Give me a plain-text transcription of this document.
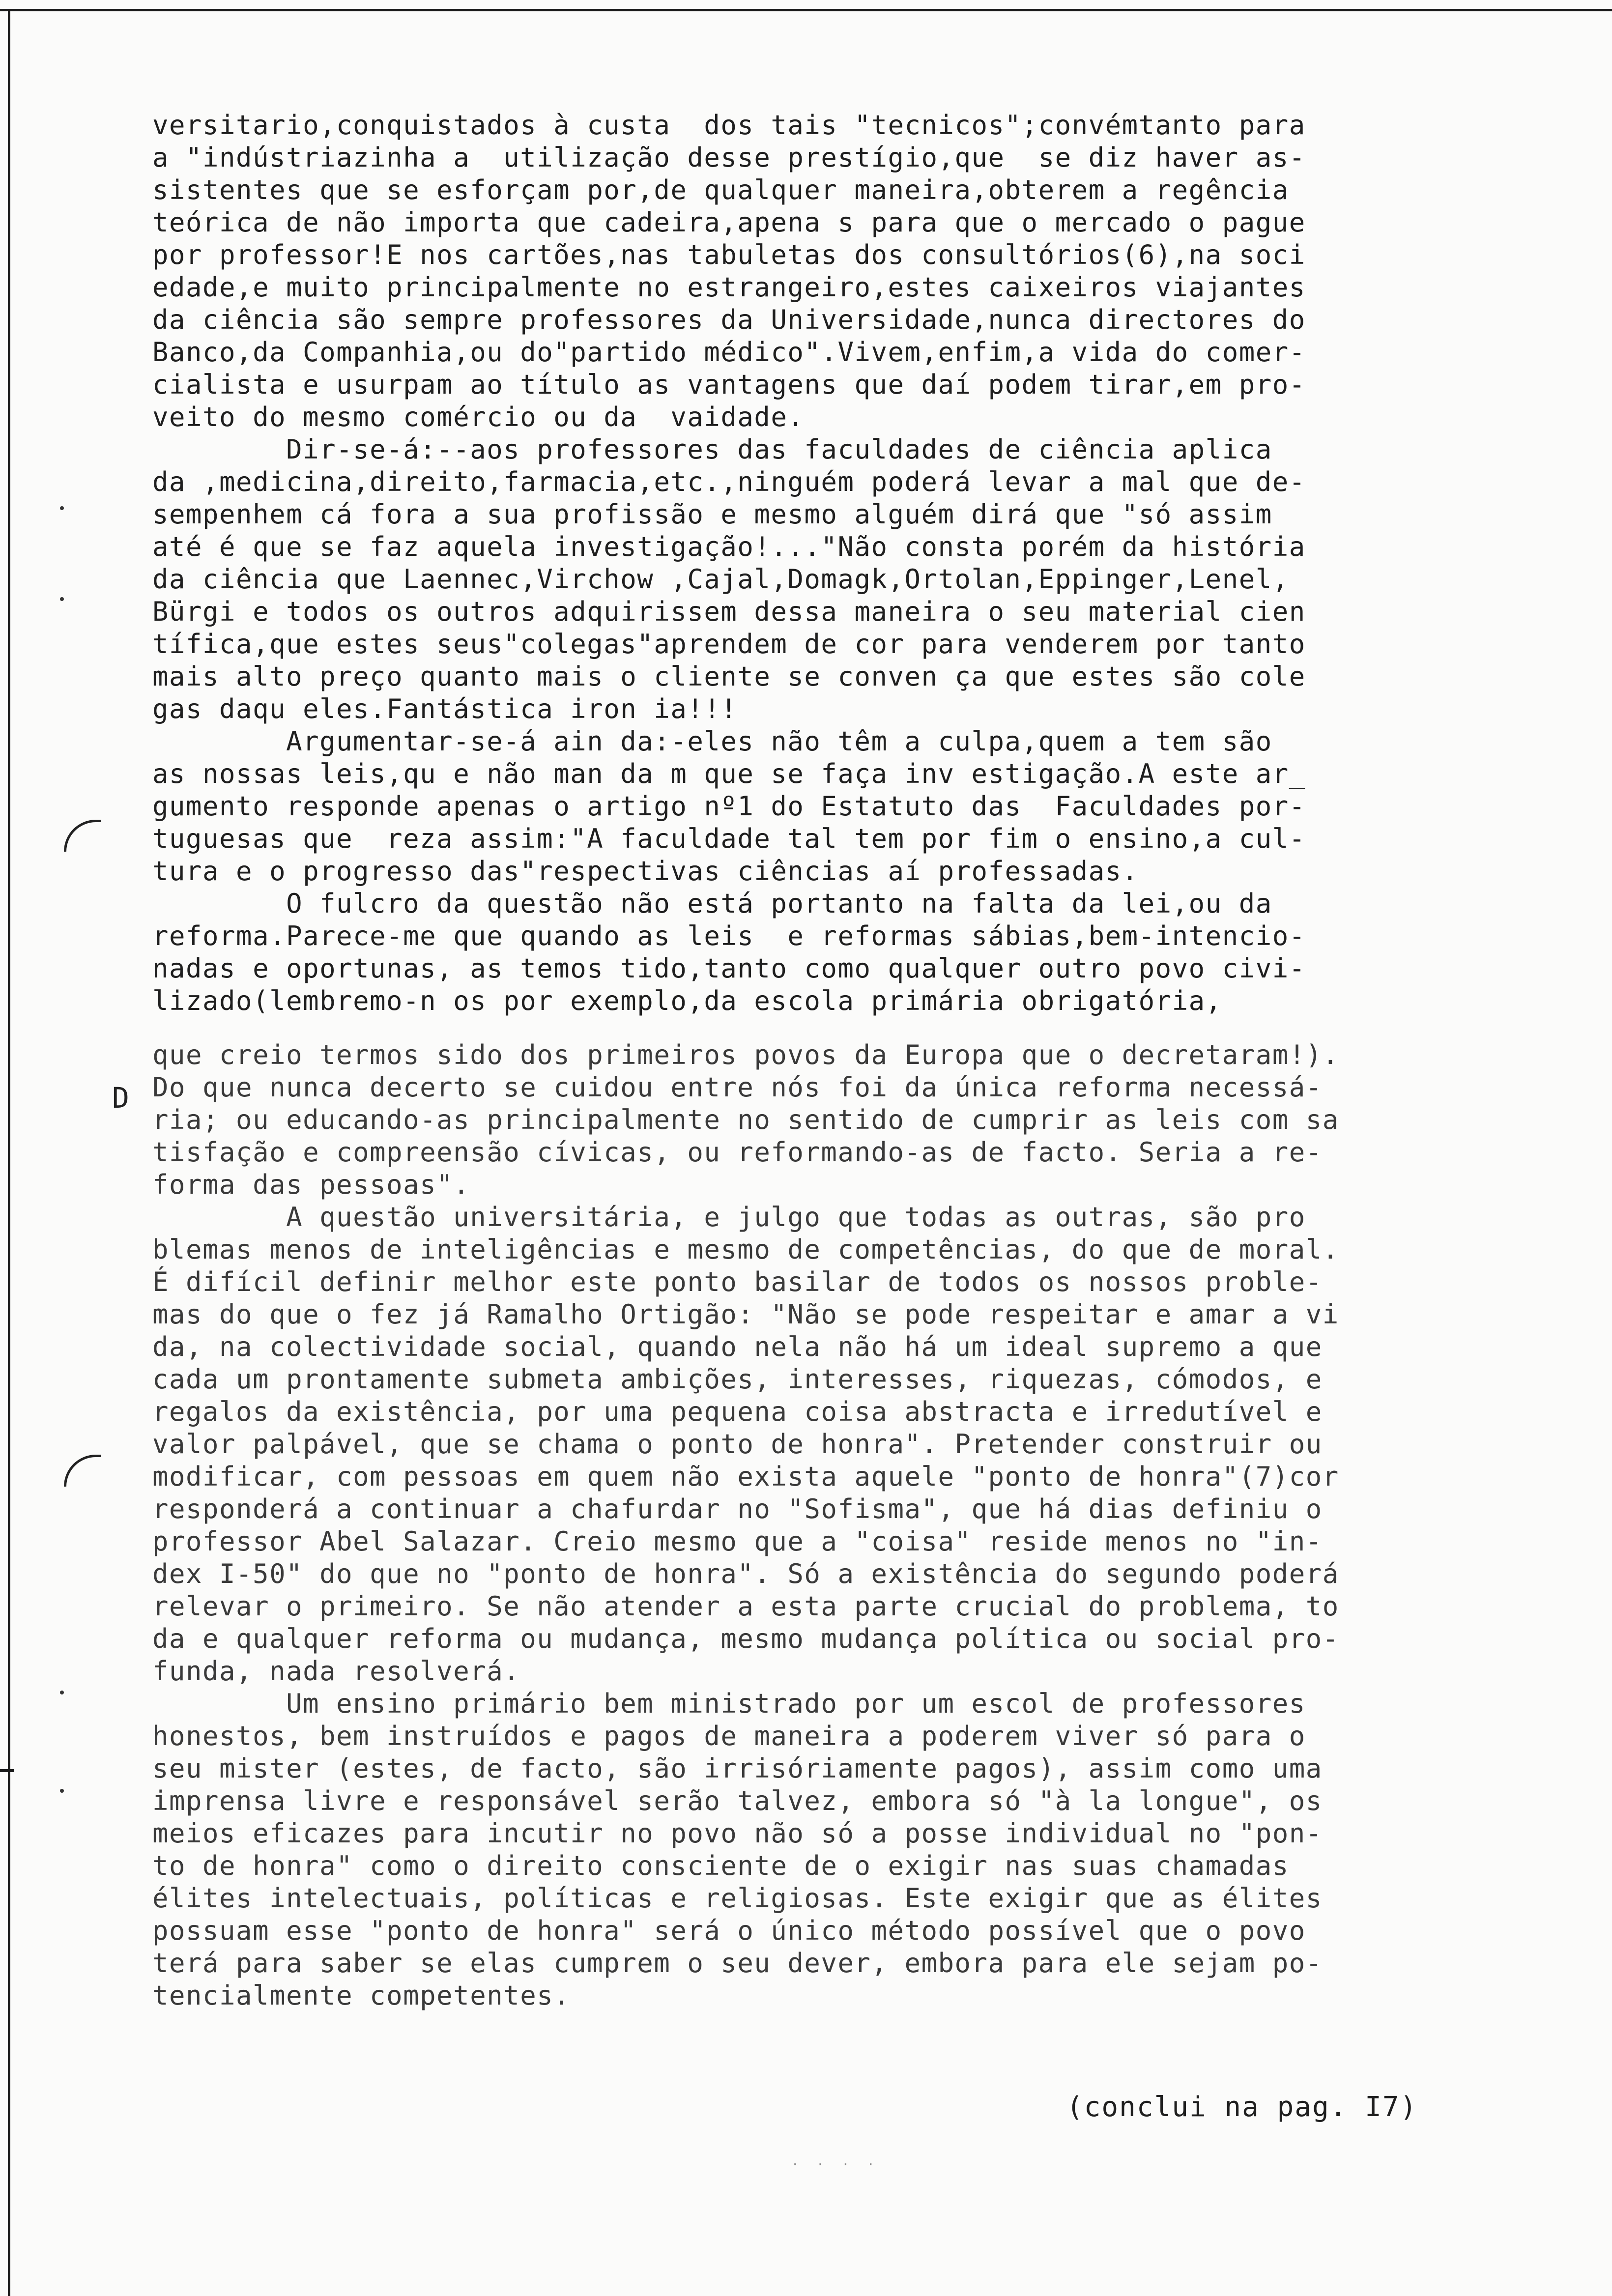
D
versitario,conquistados à custa  dos tais "tecnicos";convémtanto para
a "indústriazinha a  utilização desse prestígio,que  se diz haver as-
sistentes que se esforçam por,de qualquer maneira,obterem a regência
teórica de não importa que cadeira,apena s para que o mercado o pague
por professor!E nos cartões,nas tabuletas dos consultórios(6),na soci
edade,e muito principalmente no estrangeiro,estes caixeiros viajantes
da ciência são sempre professores da Universidade,nunca directores do
Banco,da Companhia,ou do"partido médico".Vivem,enfim,a vida do comer-
cialista e usurpam ao título as vantagens que daí podem tirar,em pro-
veito do mesmo comércio ou da  vaidade.
Dir-se-á:--aos professores das faculdades de ciência aplica
da ,medicina,direito,farmacia,etc.,ninguém poderá levar a mal que de-
sempenhem cá fora a sua profissão e mesmo alguém dirá que "só assim
até é que se faz aquela investigação!..."Não consta porém da história
da ciência que Laennec,Virchow ,Cajal,Domagk,Ortolan,Eppinger,Lenel,
Bürgi e todos os outros adquirissem dessa maneira o seu material cien
tífica,que estes seus"colegas"aprendem de cor para venderem por tanto
mais alto preço quanto mais o cliente se conven ça que estes são cole
gas daqu eles.Fantástica iron ia!!!
Argumentar-se-á ain da:-eles não têm a culpa,quem a tem são
as nossas leis,qu e não man da m que se faça inv estigação.A este ar_
gumento responde apenas o artigo nº1 do Estatuto das  Faculdades por-
tuguesas que  reza assim:"A faculdade tal tem por fim o ensino,a cul-
tura e o progresso das"respectivas ciências aí professadas.
O fulcro da questão não está portanto na falta da lei,ou da
reforma.Parece-me que quando as leis  e reformas sábias,bem-intencio-
nadas e oportunas, as temos tido,tanto como qualquer outro povo civi-
lizado(lembremo-n os por exemplo,da escola primária obrigatória,
que creio termos sido dos primeiros povos da Europa que o decretaram!).
Do que nunca decerto se cuidou entre nós foi da única reforma necessá-
ria; ou educando-as principalmente no sentido de cumprir as leis com sa
tisfação e compreensão cívicas, ou reformando-as de facto. Seria a re-
forma das pessoas".
A questão universitária, e julgo que todas as outras, são pro
blemas menos de inteligências e mesmo de competências, do que de moral.
É difícil definir melhor este ponto basilar de todos os nossos proble-
mas do que o fez já Ramalho Ortigão: "Não se pode respeitar e amar a vi
da, na colectividade social, quando nela não há um ideal supremo a que
cada um prontamente submeta ambições, interesses, riquezas, cómodos, e
regalos da existência, por uma pequena coisa abstracta e irredutível e
valor palpável, que se chama o ponto de honra". Pretender construir ou
modificar, com pessoas em quem não exista aquele "ponto de honra"(7)cor
responderá a continuar a chafurdar no "Sofisma", que há dias definiu o
professor Abel Salazar. Creio mesmo que a "coisa" reside menos no "in-
dex I-50" do que no "ponto de honra". Só a existência do segundo poderá
relevar o primeiro. Se não atender a esta parte crucial do problema, to
da e qualquer reforma ou mudança, mesmo mudança política ou social pro-
funda, nada resolverá.
Um ensino primário bem ministrado por um escol de professores
honestos, bem instruídos e pagos de maneira a poderem viver só para o
seu mister (estes, de facto, são irrisóriamente pagos), assim como uma
imprensa livre e responsável serão talvez, embora só "à la longue", os
meios eficazes para incutir no povo não só a posse individual no "pon-
to de honra" como o direito consciente de o exigir nas suas chamadas
élites intelectuais, políticas e religiosas. Este exigir que as élites
possuam esse "ponto de honra" será o único método possível que o povo
terá para saber se elas cumprem o seu dever, embora para ele sejam po-
tencialmente competentes.
(conclui na pag. I7)
· · · ·
